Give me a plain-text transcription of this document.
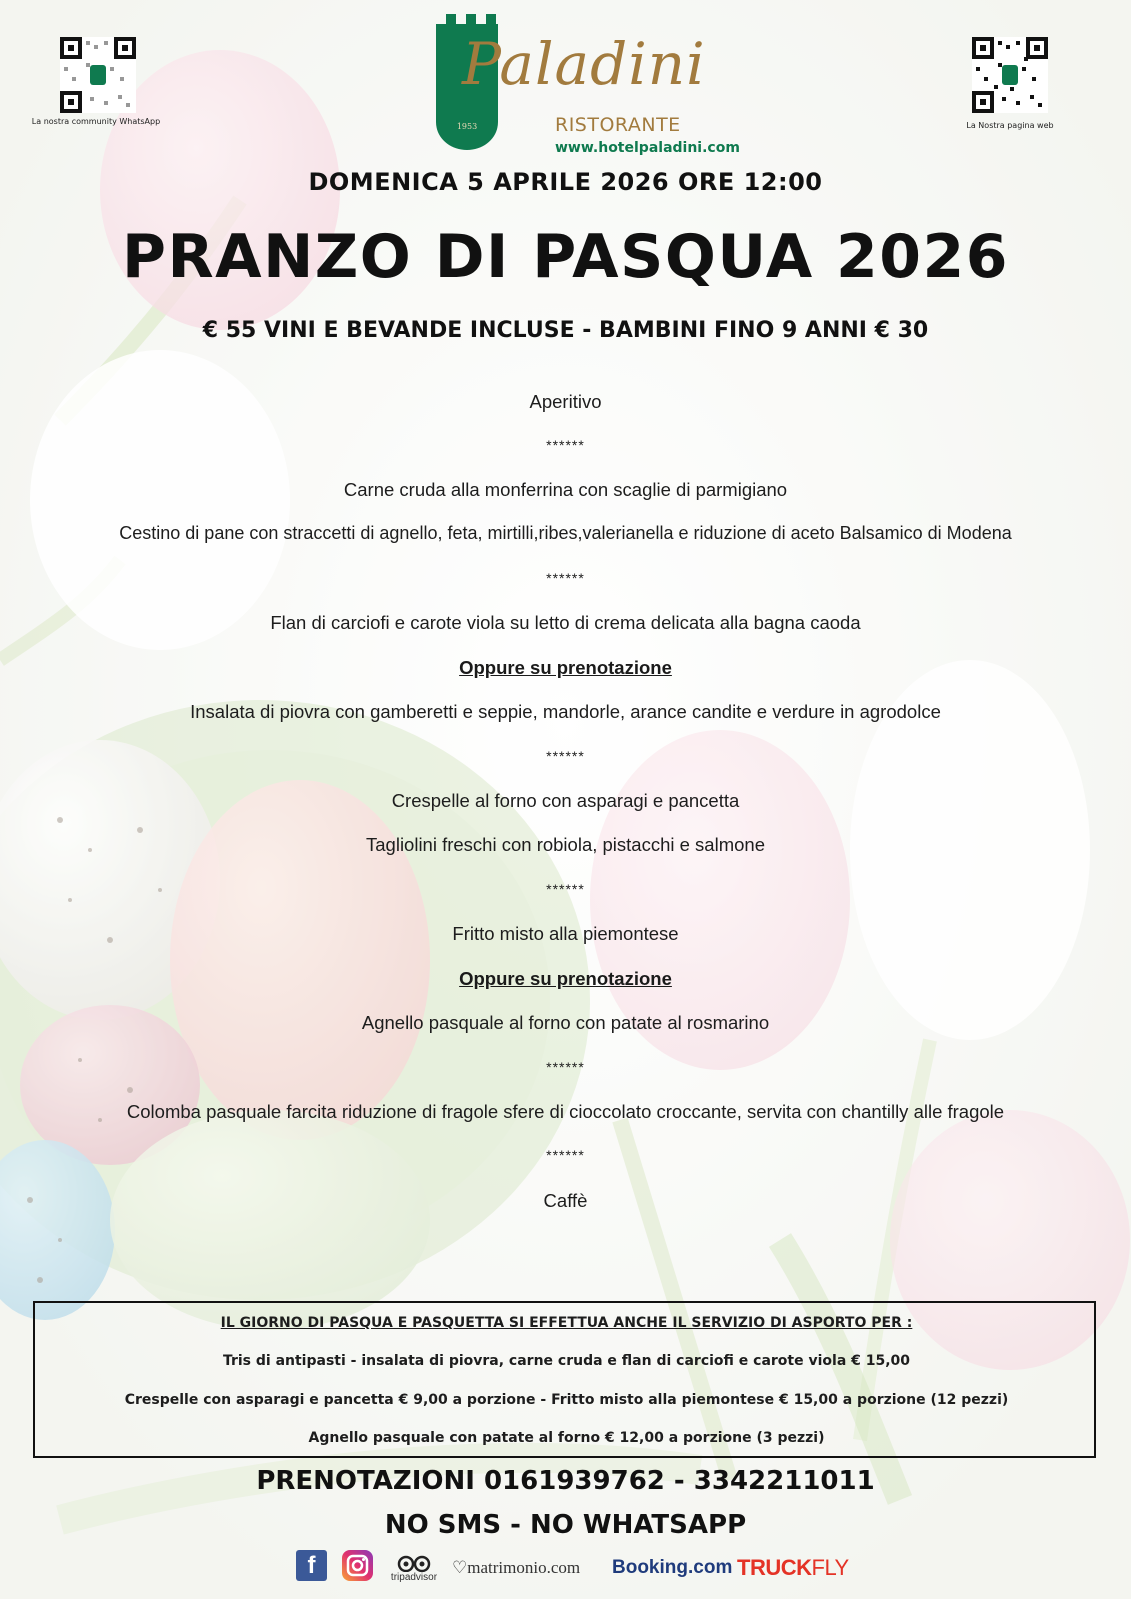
La nostra community WhatsApp	La Nostra pagina web
1953
Paladini
RISTORANTE
www.hotelpaladini.com
DOMENICA 5 APRILE 2026 ORE 12:00
PRANZO DI PASQUA 2026
€ 55 VINI E BEVANDE INCLUSE - BAMBINI FINO 9 ANNI € 30
Aperitivo
******
Carne cruda alla monferrina con scaglie di parmigiano
Cestino di pane con straccetti di agnello, feta, mirtilli,ribes,valerianella e riduzione di aceto Balsamico di Modena
******
Flan di carciofi e carote viola su letto di crema delicata alla bagna caoda
Oppure su prenotazione
Insalata di piovra con gamberetti e seppie, mandorle, arance candite e verdure in agrodolce
******
Crespelle al forno con asparagi e pancetta
Tagliolini freschi con robiola, pistacchi e salmone
******
Fritto misto alla piemontese
Oppure su prenotazione
Agnello pasquale al forno con patate al rosmarino
******
Colomba pasquale farcita riduzione di fragole sfere di cioccolato croccante, servita con chantilly alle fragole
******
Caffè
IL GIORNO DI PASQUA E PASQUETTA SI EFFETTUA ANCHE IL SERVIZIO DI ASPORTO PER :
Tris di antipasti - insalata di piovra, carne cruda e flan di carciofi e carote viola € 15,00
Crespelle con asparagi e pancetta € 9,00 a porzione - Fritto misto alla piemontese € 15,00 a porzione (12 pezzi)
Agnello pasquale con patate al forno € 12,00 a porzione (3 pezzi)
PRENOTAZIONI 0161939762 - 3342211011
NO SMS - NO WHATSAPP
f	tripadvisor ♡matrimonio.com Booking.com TRUCK FLY
